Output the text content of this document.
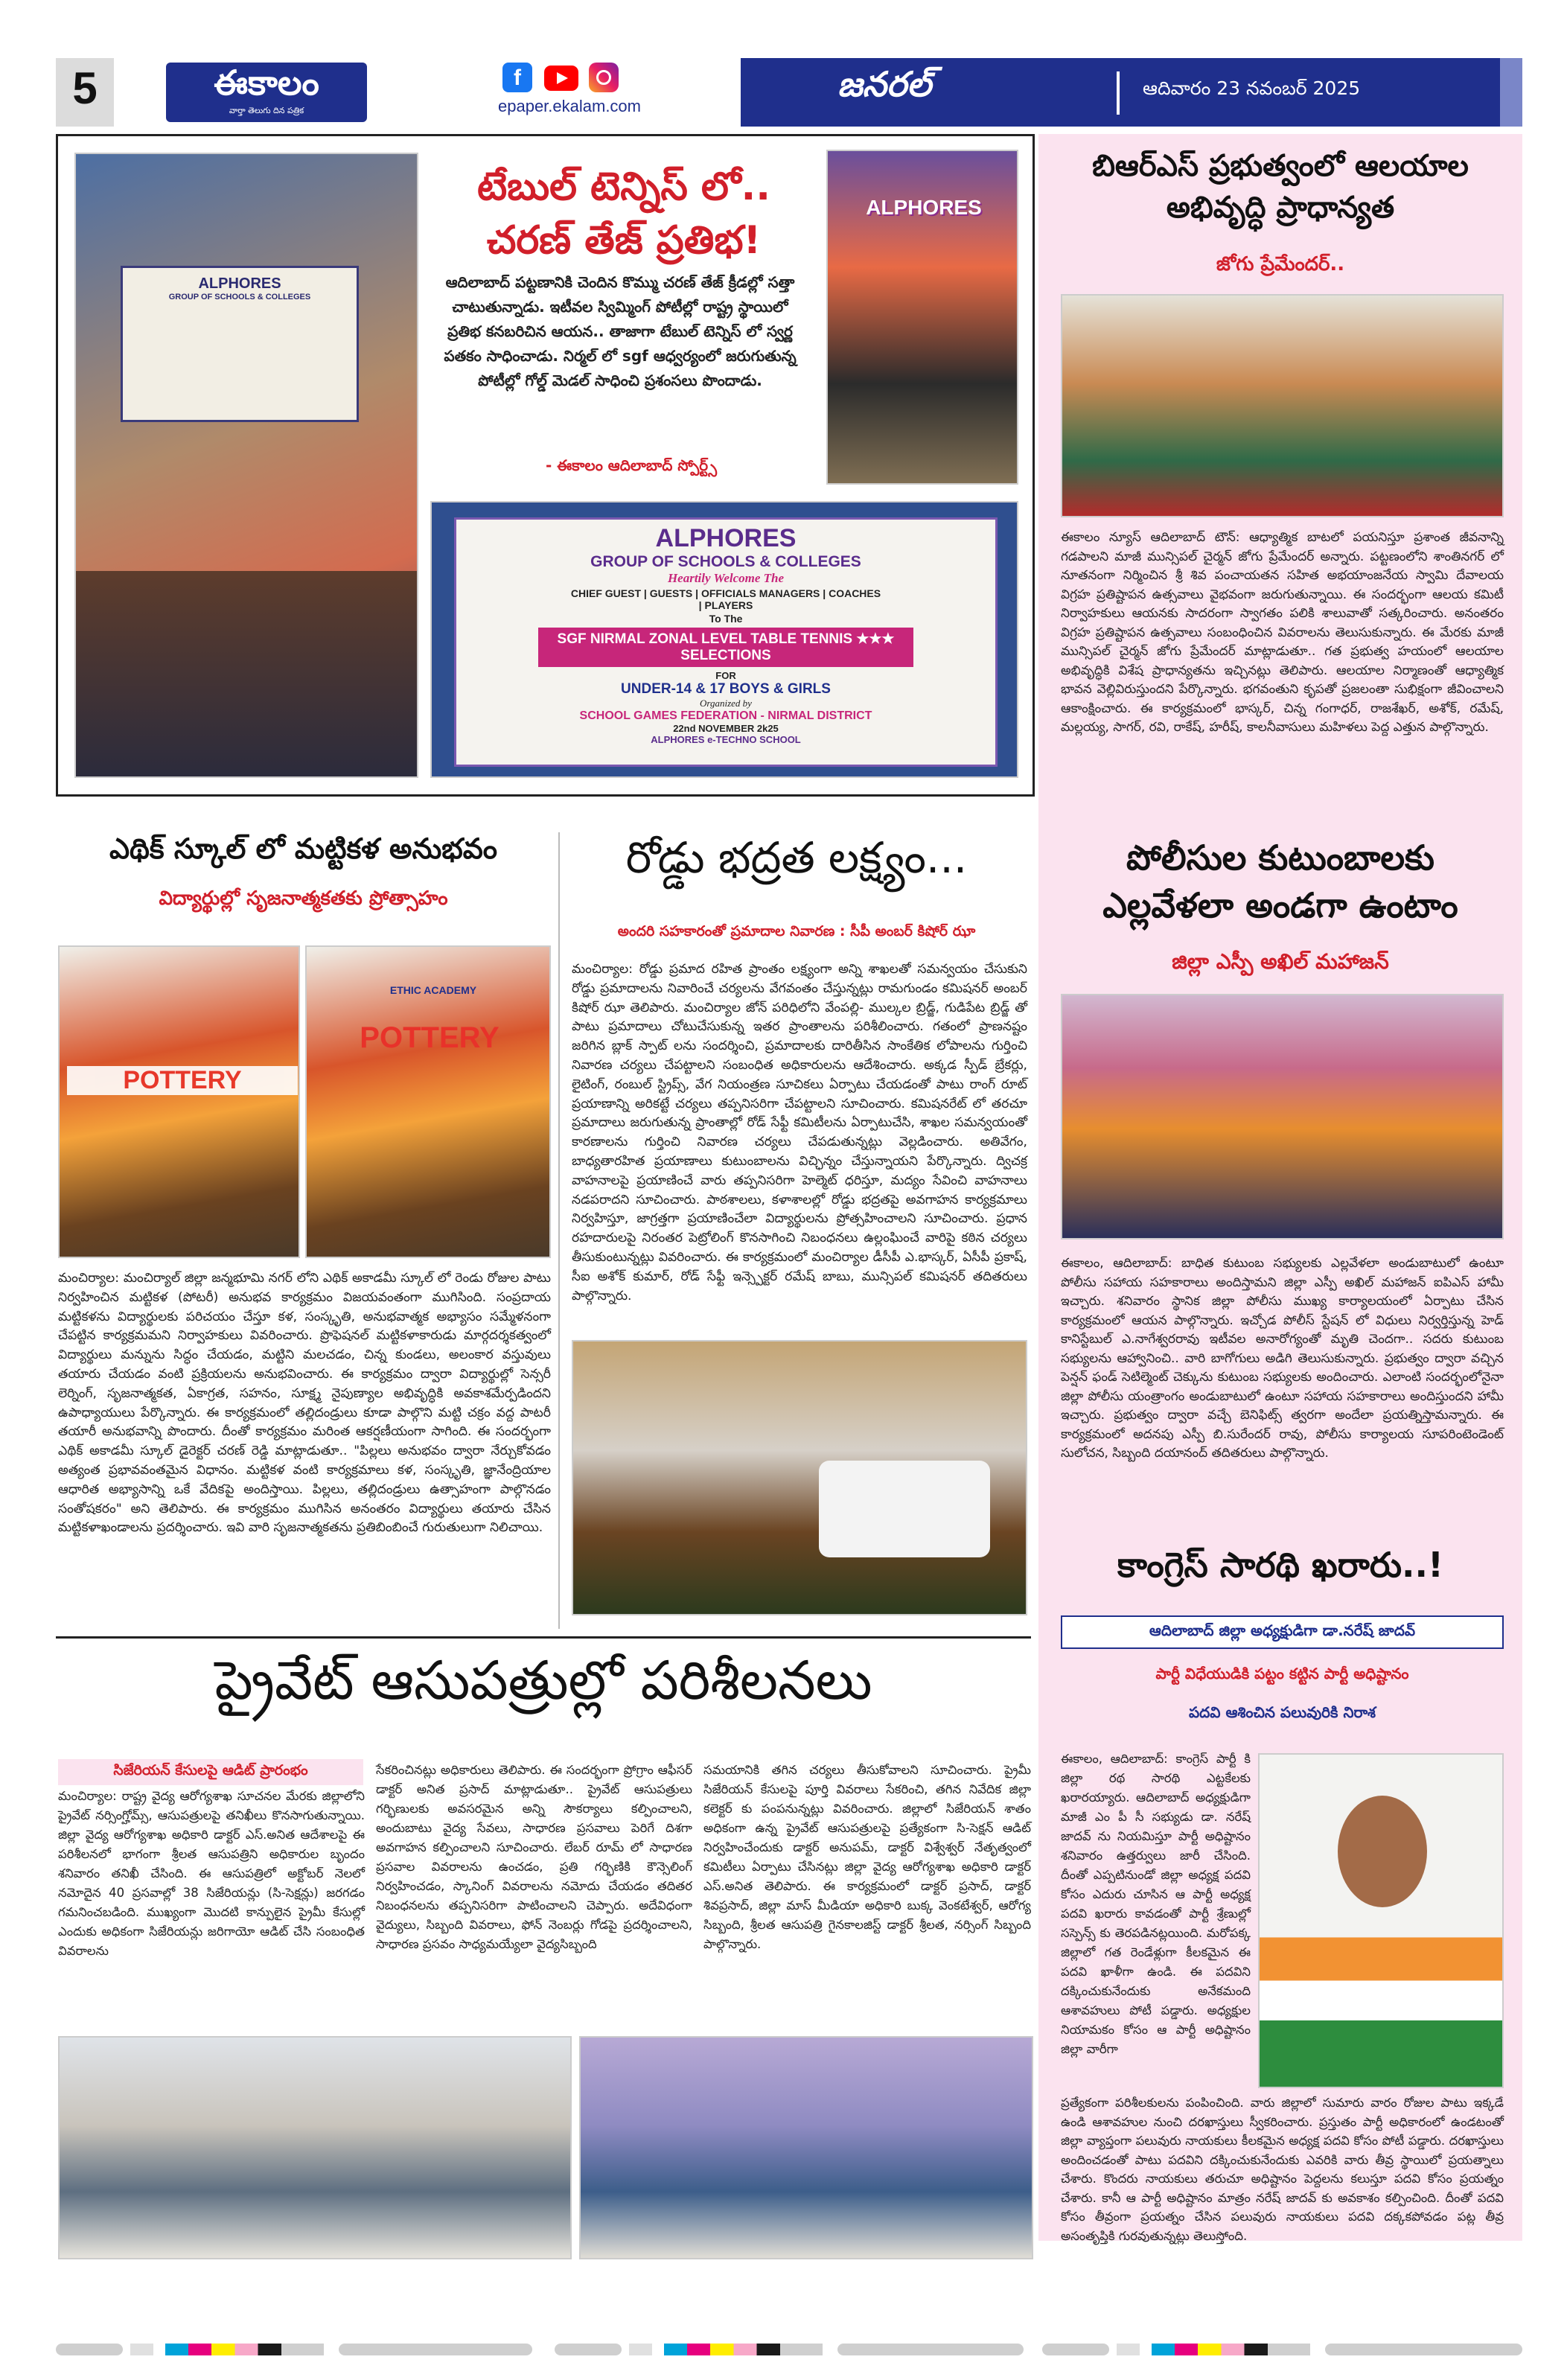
5	ఈకాలం
వార్తా తెలుగు దిన పత్రిక
f
epaper.ekalam.com
జనరల్	ఆదివారం 23 నవంబర్ 2025
ALPHORES
GROUP OF SCHOOLS & COLLEGES
టేబుల్ టెన్నిస్ లో..
చరణ్ తేజ్ ప్రతిభ!
ఆదిలాబాద్ పట్టణానికి చెందిన కొమ్ము చరణ్ తేజ్ క్రీడల్లో సత్తా చాటుతున్నాడు. ఇటీవల స్విమ్మింగ్ పోటీల్లో రాష్ట్ర స్థాయిలో ప్రతిభ కనబరిచిన ఆయన.. తాజాగా టేబుల్ టెన్నిస్ లో స్వర్ణ పతకం సాధించాడు. నిర్మల్ లో sgf ఆధ్వర్యంలో జరుగుతున్న పోటీల్లో గోల్డ్ మెడల్ సాధించి ప్రశంసలు పొందాడు.
- ఈకాలం ఆదిలాబాద్ స్పోర్ట్స్
ALPHORES
ALPHORES
GROUP OF SCHOOLS & COLLEGES
Heartily Welcome The
CHIEF GUEST | GUESTS | OFFICIALS MANAGERS | COACHES | PLAYERS
To The
SGF NIRMAL ZONAL LEVEL TABLE TENNIS ★★★ SELECTIONS
FOR
UNDER-14 & 17 BOYS & GIRLS
Organized by
SCHOOL GAMES FEDERATION - NIRMAL DISTRICT
22nd NOVEMBER 2k25
ALPHORES e-TECHNO SCHOOL
బిఆర్ఎస్ ప్రభుత్వంలో ఆలయాల అభివృద్ధి ప్రాధాన్యత
జోగు ప్రేమేందర్..
ఈకాలం న్యూస్ ఆదిలాబాద్ టౌన్: ఆధ్యాత్మిక బాటలో పయనిస్తూ ప్రశాంత జీవనాన్ని గడపాలని మాజీ మున్సిపల్ చైర్మన్ జోగు ప్రేమేందర్ అన్నారు. పట్టణంలోని శాంతినగర్ లో నూతనంగా నిర్మించిన శ్రీ శివ పంచాయతన సహిత అభయాంజనేయ స్వామి దేవాలయ విగ్రహ ప్రతిష్టాపన ఉత్సవాలు వైభవంగా జరుగుతున్నాయి. ఈ సందర్భంగా ఆలయ కమిటీ నిర్వాహకులు ఆయనకు సాదరంగా స్వాగతం పలికి శాలువాతో సత్కరించారు. అనంతరం విగ్రహ ప్రతిష్టాపన ఉత్సవాలు సంబంధించిన వివరాలను తెలుసుకున్నారు. ఈ మేరకు మాజీ మున్సిపల్ చైర్మన్ జోగు ప్రేమేందర్ మాట్లాడుతూ.. గత ప్రభుత్వ హయంలో ఆలయాల అభివృద్ధికి విశేష ప్రాధాన్యతను ఇచ్చినట్లు తెలిపారు. ఆలయాల నిర్మాణంతో ఆధ్యాత్మిక భావన వెల్లివిరుస్తుందని పేర్కొన్నారు. భగవంతుని కృపతో ప్రజలంతా సుభిక్షంగా జీవించాలని ఆకాంక్షించారు. ఈ కార్యక్రమంలో భాస్కర్, చిన్న గంగాధర్, రాజశేఖర్, అశోక్, రమేష్, మల్లయ్య, సాగర్, రవి, రాకేష్, హరీష్, కాలనీవాసులు మహిళలు పెద్ద ఎత్తున పాల్గొన్నారు.
పోలీసుల కుటుంబాలకు ఎల్లవేళలా అండగా ఉంటాం
జిల్లా ఎస్పీ అఖిల్ మహాజన్
ఈకాలం, ఆదిలాబాద్: బాధిత కుటుంబ సభ్యులకు ఎల్లవేళలా అండుబాటులో ఉంటూ పోలీసు సహాయ సహకారాలు అందిస్తామని జిల్లా ఎస్పీ అఖిల్ మహాజన్ ఐపిఎస్ హామీ ఇచ్చారు. శనివారం స్థానిక జిల్లా పోలీసు ముఖ్య కార్యాలయంలో ఏర్పాటు చేసిన కార్యక్రమంలో ఆయన పాల్గొన్నారు. ఇచ్చోడ పోలీస్ స్టేషన్ లో విధులు నిర్వర్తిస్తున్న హెడ్ కానిస్టేబుల్ ఎ.నాగేశ్వరరావు ఇటీవల అనారోగ్యంతో మృతి చెందగా.. సదరు కుటుంబ సభ్యులను ఆహ్వానించి.. వారి బాగోగులు అడిగి తెలుసుకున్నారు. ప్రభుత్వం ద్వారా వచ్చిన పెన్షన్ ఫండ్ సెటిల్మెంట్ చెక్కును కుటుంబ సభ్యులకు అందించారు. ఎలాంటి సందర్భంలోనైనా జిల్లా పోలీసు యంత్రాంగం అండుబాటులో ఉంటూ సహాయ సహకారాలు అందిస్తుందని హామీ ఇచ్చారు. ప్రభుత్వం ద్వారా వచ్చే బెనిఫిట్స్ త్వరగా అందేలా ప్రయత్నిస్తామన్నారు. ఈ కార్యక్రమంలో అదనపు ఎస్పీ బి.సురేందర్ రావు, పోలీసు కార్యాలయ సూపరింటెండెంట్ సులోచన, సిబ్బంది దయానంద్ తదితరులు పాల్గొన్నారు.
కాంగ్రెస్ సారథి ఖరారు..!
ఆదిలాబాద్ జిల్లా అధ్యక్షుడిగా డా.నరేష్ జాదవ్
పార్టీ విధేయుడికి పట్టం కట్టిన పార్టీ అధిష్టానం
పదవి ఆశించిన పలువురికి నిరాశ
ఈకాలం, ఆదిలాబాద్: కాంగ్రెస్ పార్టీ కి జిల్లా రథ సారథి ఎట్టకేలకు ఖరారయ్యారు. ఆదిలాబాద్ అధ్యక్షుడిగా మాజీ ఎం పీ సీ సభ్యుడు డా. నరేష్ జాదవ్ ను నియమిస్తూ పార్టీ అధిష్టానం శనివారం ఉత్తర్వులు జారీ చేసింది. దీంతో ఎప్పటినుండో జిల్లా అధ్యక్ష పదవి కోసం ఎదురు చూసిన ఆ పార్టీ అధ్యక్ష పదవి ఖరారు కావడంతో పార్టీ శ్రేణుల్లో సస్పెన్స్ కు తెరపడినట్లయింది. మరోపక్క జిల్లాలో గత రెండేళ్లుగా కీలకమైన ఈ పదవి ఖాళీగా ఉండి. ఈ పదవిని దక్కించుకునేందుకు అనేకమంది ఆశావహులు పోటీ పడ్డారు. అధ్యక్షుల నియామకం కోసం ఆ పార్టీ అధిష్టానం జిల్లా వారీగా
ప్రత్యేకంగా పరిశీలకులను పంపించింది. వారు జిల్లాలో సుమారు వారం రోజుల పాటు ఇక్కడే ఉండి ఆశావహుల నుంచి దరఖాస్తులు స్వీకరించారు. ప్రస్తుతం పార్టీ అధికారంలో ఉండటంతో జిల్లా వ్యాప్తంగా పలువురు నాయకులు కీలకమైన అధ్యక్ష పదవి కోసం పోటీ పడ్డారు. దరఖాస్తులు అందించడంతో పాటు పదవిని దక్కించుకునేందుకు ఎవరికి వారు తీవ్ర స్థాయిలో ప్రయత్నాలు చేశారు. కొందరు నాయకులు తరుచూ అధిష్టానం పెద్దలను కలుస్తూ పదవి కోసం ప్రయత్నం చేశారు. కానీ ఆ పార్టీ అధిష్టానం మాత్రం నరేష్ జాదవ్ కు అవకాశం కల్పించింది. దీంతో పదవి కోసం తీవ్రంగా ప్రయత్నం చేసిన పలువురు నాయకులు పదవి దక్కకపోవడం పట్ల తీవ్ర అసంతృప్తికి గురవుతున్నట్లు తెలుస్తోంది.
ఎథిక్ స్కూల్ లో మట్టికళ అనుభవం
విద్యార్థుల్లో సృజనాత్మకతకు ప్రోత్సాహం
POTTERY
ETHIC ACADEMY
POTTERY
మంచిర్యాల: మంచిర్యాల్ జిల్లా జన్మభూమి నగర్ లోని ఎథిక్ అకాడమీ స్కూల్ లో రెండు రోజుల పాటు నిర్వహించిన మట్టికళ (పోటరీ) అనుభవ కార్యక్రమం విజయవంతంగా ముగిసింది. సంప్రదాయ మట్టికళను విద్యార్థులకు పరిచయం చేస్తూ కళ, సంస్కృతి, అనుభవాత్మక అభ్యాసం సమ్మేళనంగా చేపట్టిన కార్యక్రమమని నిర్వాహకులు వివరించారు. ప్రొఫెషనల్ మట్టికళాకారుడు మార్గదర్శకత్వంలో విద్యార్థులు మన్నును సిద్ధం చేయడం, మట్టిని మలచడం, చిన్న కుండలు, అలంకార వస్తువులు తయారు చేయడం వంటి ప్రక్రియలను అనుభవించారు. ఈ కార్యక్రమం ద్వారా విద్యార్థుల్లో సెన్సరీ లెర్నింగ్, సృజనాత్మకత, ఏకాగ్రత, సహనం, సూక్ష్మ నైపుణ్యాల అభివృద్ధికి అవకాశమేర్పడిందని ఉపాధ్యాయులు పేర్కొన్నారు. ఈ కార్యక్రమంలో తల్లిదండ్రులు కూడా పాల్గొని మట్టి చక్రం వద్ద పాటరీ తయారీ అనుభవాన్ని పొందారు. దీంతో కార్యక్రమం మరింత ఆకర్షణీయంగా సాగింది. ఈ సందర్భంగా ఎథిక్ అకాడమీ స్కూల్ డైరెక్టర్ చరణ్ రెడ్డి మాట్లాడుతూ.. "పిల్లలు అనుభవం ద్వారా నేర్చుకోవడం అత్యంత ప్రభావవంతమైన విధానం. మట్టికళ వంటి కార్యక్రమాలు కళ, సంస్కృతి, జ్ఞానేంద్రియాల ఆధారిత అభ్యాసాన్ని ఒకే వేదికపై అందిస్తాయి. పిల్లలు, తల్లిదండ్రులు ఉత్సాహంగా పాల్గొనడం సంతోషకరం" అని తెలిపారు. ఈ కార్యక్రమం ముగిసిన అనంతరం విద్యార్థులు తయారు చేసిన మట్టికళాఖండాలను ప్రదర్శించారు. ఇవి వారి సృజనాత్మకతను ప్రతిబింబించే గురుతులుగా నిలిచాయి.
రోడ్డు భద్రత లక్ష్యం...
అందరి సహకారంతో ప్రమాదాల నివారణ : సీపీ అంబర్ కిషోర్ ఝా
మంచిర్యాల: రోడ్డు ప్రమాద రహిత ప్రాంతం లక్ష్యంగా అన్ని శాఖలతో సమన్వయం చేసుకుని రోడ్డు ప్రమాదాలను నివారించే చర్యలను వేగవంతం చేస్తున్నట్లు రామగుండం కమిషనర్ అంబర్ కిషోర్ ఝా తెలిపారు. మంచిర్యాల జోన్ పరిధిలోని వేంపల్లి- ముల్కల బ్రిడ్జ్, గుడిపేట బ్రిడ్జ్ తో పాటు ప్రమాదాలు చోటుచేసుకున్న ఇతర ప్రాంతాలను పరిశీలించారు. గతంలో ప్రాణనష్టం జరిగిన బ్లాక్ స్పాట్ లను సందర్శించి, ప్రమాదాలకు దారితీసిన సాంకేతిక లోపాలను గుర్తించి నివారణ చర్యలు చేపట్టాలని సంబంధిత అధికారులను ఆదేశించారు. అక్కడ స్పీడ్ బ్రేకర్లు, లైటింగ్, రంబుల్ స్ట్రిప్స్, వేగ నియంత్రణ సూచికలు ఏర్పాటు చేయడంతో పాటు రాంగ్ రూట్ ప్రయాణాన్ని అరికట్టే చర్యలు తప్పనిసరిగా చేపట్టాలని సూచించారు. కమిషనరేట్ లో తరచూ ప్రమాదాలు జరుగుతున్న ప్రాంతాల్లో రోడ్ సేఫ్టీ కమిటీలను ఏర్పాటుచేసి, శాఖల సమన్వయంతో కారణాలను గుర్తించి నివారణ చర్యలు చేపడుతున్నట్లు వెల్లడించారు. అతివేగం, బాధ్యతారహిత ప్రయాణాలు కుటుంబాలను విచ్ఛిన్నం చేస్తున్నాయని పేర్కొన్నారు. ద్విచక్ర వాహనాలపై ప్రయాణించే వారు తప్పనిసరిగా హెల్మెట్ ధరిస్తూ, మద్యం సేవించి వాహనాలు నడపరాదని సూచించారు. పాఠశాలలు, కళాశాలల్లో రోడ్డు భద్రతపై అవగాహన కార్యక్రమాలు నిర్వహిస్తూ, జాగ్రత్తగా ప్రయాణించేలా విద్యార్థులను ప్రోత్సహించాలని సూచించారు. ప్రధాన రహదారులపై నిరంతర పెట్రోలింగ్ కొనసాగించి నిబంధనలు ఉల్లంఘించే వారిపై కఠిన చర్యలు తీసుకుంటున్నట్లు వివరించారు. ఈ కార్యక్రమంలో మంచిర్యాల డీసీపీ ఎ.భాస్కర్, ఏసీపీ ప్రకాష్, సీఐ అశోక్ కుమార్, రోడ్ సేఫ్టీ ఇన్స్పెక్టర్ రమేష్ బాబు, మున్సిపల్ కమిషనర్ తదితరులు పాల్గొన్నారు.
ప్రైవేట్ ఆసుపత్రుల్లో పరిశీలనలు
సిజేరియన్ కేసులపై ఆడిట్ ప్రారంభం
మంచిర్యాల: రాష్ట్ర వైద్య ఆరోగ్యశాఖ సూచనల మేరకు జిల్లాలోని ప్రైవేట్ నర్సింగ్హోమ్స్, ఆసుపత్రులపై తనిఖీలు కొనసాగుతున్నాయి. జిల్లా వైద్య ఆరోగ్యశాఖ అధికారి డాక్టర్ ఎస్.అనిత ఆదేశాలపై ఈ పరిశీలనలో భాగంగా శ్రీలత ఆసుపత్రిని అధికారుల బృందం శనివారం తనిఖీ చేసింది. ఈ ఆసుపత్రిలో అక్టోబర్ నెలలో నమోదైన 40 ప్రసవాల్లో 38 సిజేరియన్లు (సి-సెక్షన్లు) జరగడం గమనించబడింది. ముఖ్యంగా మొదటి కాన్పులైన ప్రైమీ కేసుల్లో ఎందుకు అధికంగా సిజేరియన్లు జరిగాయో ఆడిట్ చేసి సంబంధిత వివరాలను
సేకరించినట్లు అధికారులు తెలిపారు. ఈ సందర్భంగా ప్రోగ్రాం ఆఫీసర్ డాక్టర్ అనిత ప్రసాద్ మాట్లాడుతూ.. ప్రైవేట్ ఆసుపత్రులు గర్భిణులకు అవసరమైన అన్ని సౌకర్యాలు కల్పించాలని, అందుబాటు వైద్య సేవలు, సాధారణ ప్రసవాలు పెరిగే దిశగా అవగాహన కల్పించాలని సూచించారు. లేబర్ రూమ్ లో సాధారణ ప్రసవాల వివరాలను ఉంచడం, ప్రతి గర్భిణికి కౌన్సెలింగ్ నిర్వహించడం, స్కానింగ్ వివరాలను నమోదు చేయడం తదితర నిబంధనలను తప్పనిసరిగా పాటించాలని చెప్పారు. అదేవిధంగా వైద్యులు, సిబ్బంది వివరాలు, ఫోన్ నెంబర్లు గోడపై ప్రదర్శించాలని, సాధారణ ప్రసవం సాధ్యమయ్యేలా వైద్యసిబ్బంది
సమయానికి తగిన చర్యలు తీసుకోవాలని సూచించారు. ప్రైమీ సిజేరియన్ కేసులపై పూర్తి వివరాలు సేకరించి, తగిన నివేదిక జిల్లా కలెక్టర్ కు పంపనున్నట్లు వివరించారు. జిల్లాలో సిజేరియన్ శాతం అధికంగా ఉన్న ప్రైవేట్ ఆసుపత్రులపై ప్రత్యేకంగా సి-సెక్షన్ ఆడిట్ నిర్వహించేందుకు డాక్టర్ అనుపమ్, డాక్టర్ విశ్వేశ్వర్ నేతృత్వంలో కమిటీలు ఏర్పాటు చేసినట్లు జిల్లా వైద్య ఆరోగ్యశాఖ అధికారి డాక్టర్ ఎస్.అనిత తెలిపారు. ఈ కార్యక్రమంలో డాక్టర్ ప్రసాద్, డాక్టర్ శివప్రసాద్, జిల్లా మాస్ మీడియా అధికారి బుక్క వెంకటేశ్వర్, ఆరోగ్య సిబ్బంది, శ్రీలత ఆసుపత్రి గైనకాలజిస్ట్ డాక్టర్ శ్రీలత, నర్సింగ్ సిబ్బంది పాల్గొన్నారు.
